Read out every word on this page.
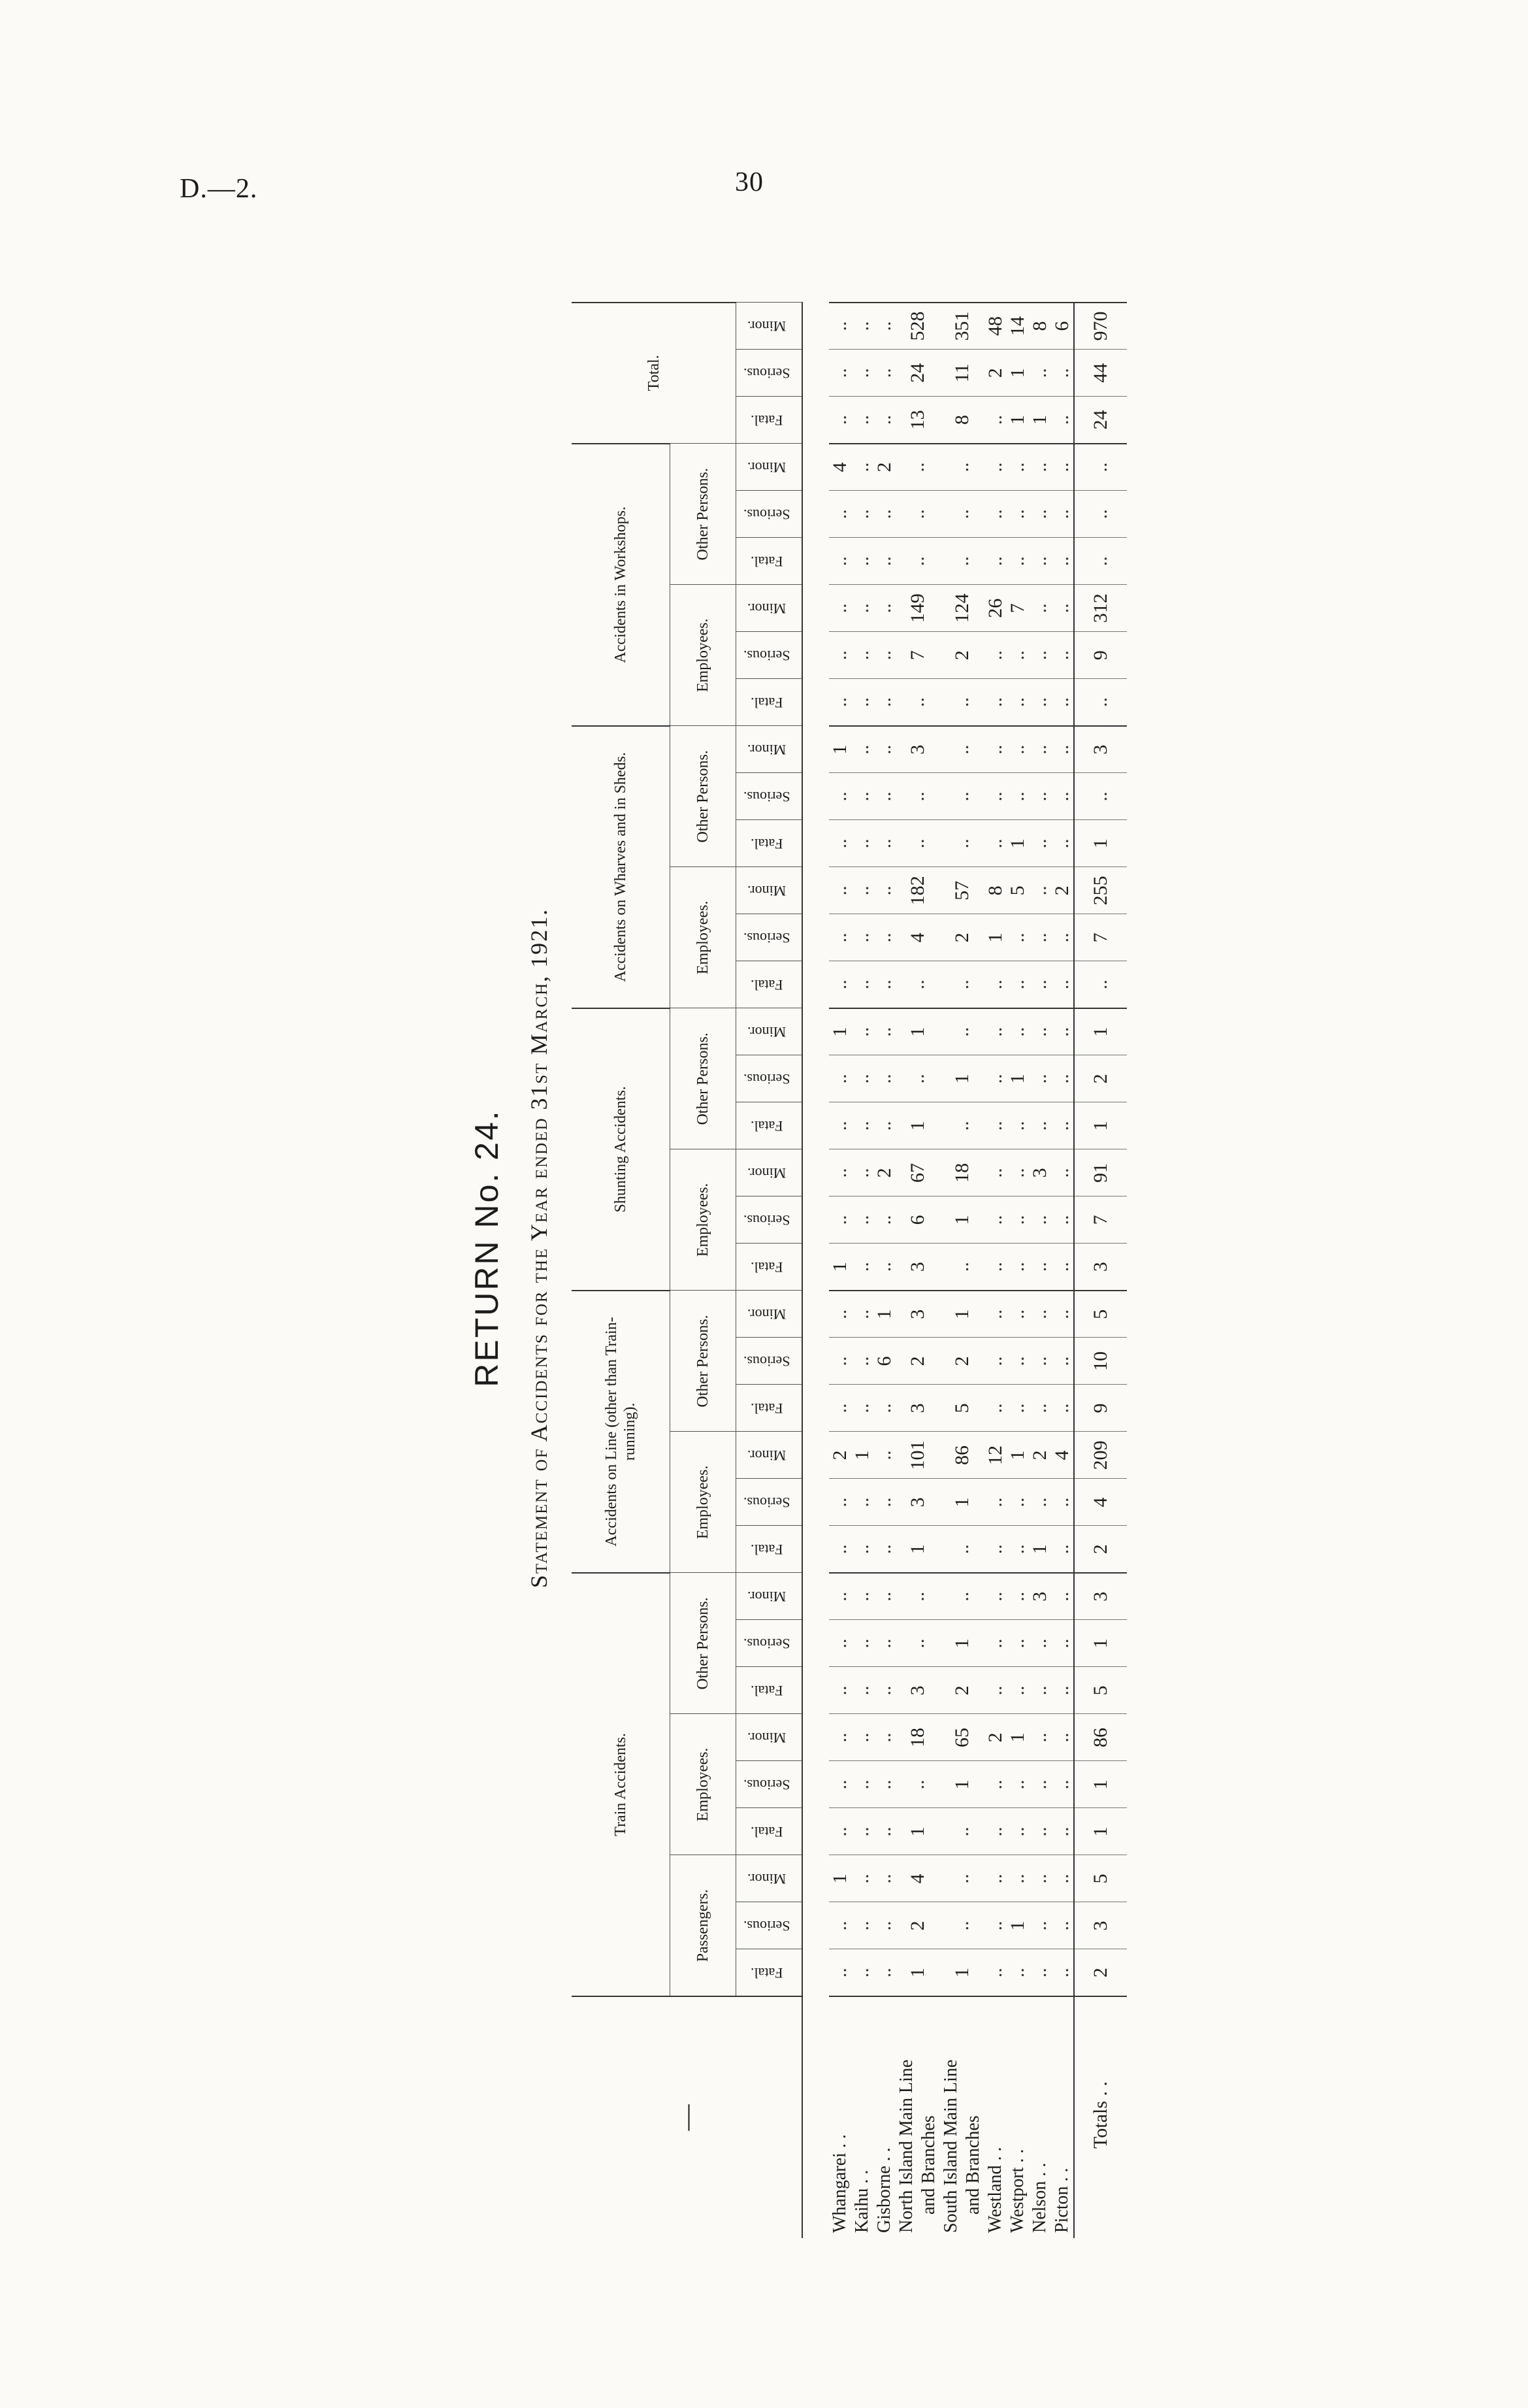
D.—2.	30
RETURN No. 24. Statement of Accidents for the Year ended 31st March, 1921.
—	Train Accidents.									Accidents on Line (other than Train-running).						Shunting Accidents.						Accidents on Wharves and in Sheds.						Accidents in Workshops.						Total.		
	Passengers.			Employees.			Other Persons.			Employees.			Other Persons.			Employees.			Other Persons.			Employees.			Other Persons.			Employees.			Other Persons.					
	Fatal.	Serious.	Minor.	Fatal.	Serious.	Minor.	Fatal.	Serious.	Minor.	Fatal.	Serious.	Minor.	Fatal.	Serious.	Minor.	Fatal.	Serious.	Minor.	Fatal.	Serious.	Minor.	Fatal.	Serious.	Minor.	Fatal.	Serious.	Minor.	Fatal.	Serious.	Minor.	Fatal.	Serious.	Minor.	Fatal.	Serious.	Minor.

Whangarei . .	..	..	1	..	..	..	..	..	..	..	..	2	..	..	..	1	..	..	..	..	1	..	..	..	..	..	1	..	..	..	..	..	4	..	..	..

Kaihu . .	..	..	..	..	..	..	..	..	..	..	..	1	..	..	..	..	..	..	..	..	..	..	..	..	..	..	..	..	..	..	..	..	..	..	..	..

Gisborne . .	..	..	..	..	..	..	..	..	..	..	..	..	..	6	1	..	..	2	..	..	..	..	..	..	..	..	..	..	..	..	..	..	2	..	..	..

North Island Main Line and Branches	1	2	4	1	..	18	3	..	..	1	3	101	3	2	3	3	6	67	1	..	1	..	4	182	..	..	3	..	7	149	..	..	..	13	24	528

South Island Main Line and Branches	1	..	..	..	1	65	2	1	..	..	1	86	5	2	1	..	1	18	..	1	..	..	2	57	..	..	..	..	2	124	..	..	..	8	11	351

Westland . .	..	..	..	..	..	2	..	..	..	..	..	12	..	..	..	..	..	..	..	..	..	..	1	8	..	..	..	..	..	26	..	..	..	..	2	48

Westport . .	..	1	..	..	..	1	..	..	..	..	..	1	..	..	..	..	..	..	..	1	..	..	..	5	1	..	..	..	..	7	..	..	..	1	1	14

Nelson . .	..	..	..	..	..	..	..	..	3	1	..	2	..	..	..	..	..	3	..	..	..	..	..	..	..	..	..	..	..	..	..	..	..	1	..	8

Picton . .	..	..	..	..	..	..	..	..	..	..	..	4	..	..	..	..	..	..	..	..	..	..	..	2	..	..	..	..	..	..	..	..	..	..	..	6
Totals . .	2	3	5	1	1	86	5	1	3	2	4	209	9	10	5	3	7	91	1	2	1	..	7	255	1	..	3	..	9	312	..	..	..	24	44	970
